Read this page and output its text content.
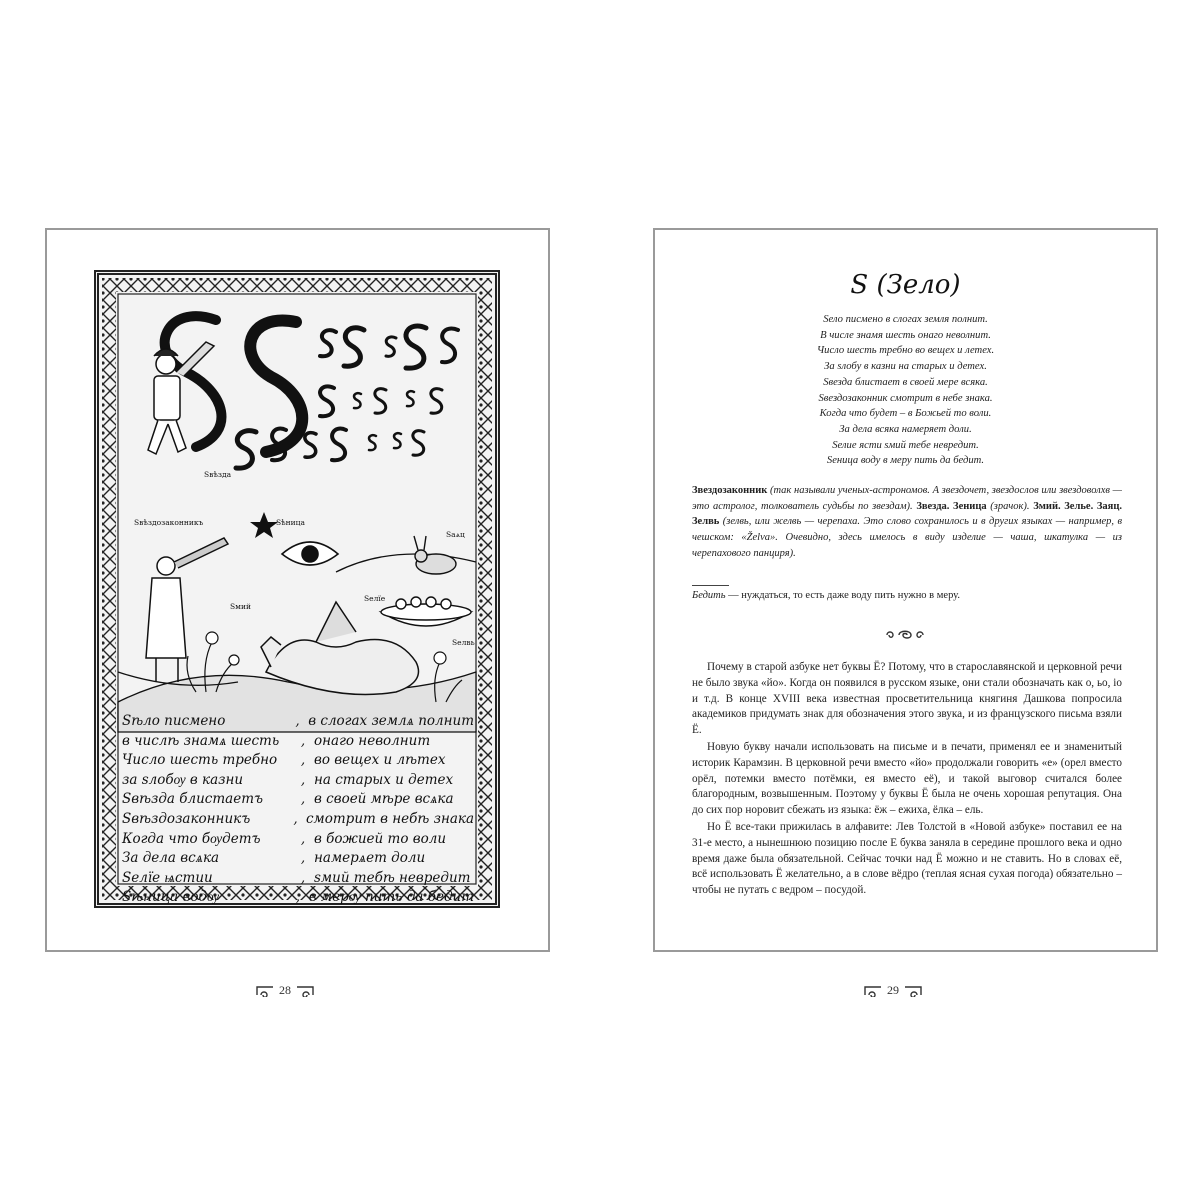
Ѕвѣзда
Ѕвѣздозаконникъ	Ѕѣница
Ѕаѧц
Ѕмий
Ѕелїе
Ѕелвь
Ѕѣло пиcмено	, в cлогах землѧ полнит
в числѣ знамѧ шесть	, онаго неволнит
Число шесть требно	, во вещех и лѣтех
за ѕлобѹ в казни	, на старых и детех
Ѕвѣзда блистаетъ	, в своей мѣре всѧка
Ѕвѣздозаконникъ	, смотрит в небѣ знака
Когда что бѹдетъ	, в божией то воли
За дела всѧка	, намерѧет доли
Ѕелїе ѩстии	, ѕмий тебѣ невредит
Ѕѣница водѹ	, в мерѹ пить да бедит
Ѕ (Зело)
Ѕело писмено в слогах земля полнит.
В числе знамя шесть онаго неволнит.
Число шесть требно во вещех и летех.
За ѕлобу в казни на старых и детех.
Ѕвезда блистает в своей мере всяка.
Ѕвездозаконник смотрит в небе знака.
Когда что будет – в Божьей то воли.
За дела всяка намеряет доли.
Ѕелие ясти ѕмий тебе невредит.
Ѕеница воду в меру пить да бедит.
Звездозаконник (так называли ученых-астрономов. А звездочет, звездослов или звездоволхв — это астролог, толкователь судьбы по звездам). Звезда. Зеница (зрачок). Змий. Зелье. Заяц. Зелвь (зелвь, или желвь — черепаха. Это слово сохранилось и в других языках — например, в чешском: «Želva». Очевидно, здесь имелось в виду изделие — чаша, шкатулка — из черепахового панциря).
Бедить — нуждаться, то есть даже воду пить нужно в меру.

Почему в старой азбуке нет буквы Ё? Потому, что в старославянской и церковной речи не было звука «йо». Когда он появился в русском языке, они стали обозначать как о, ьо, io и т.д. В конце XVIII века известная просветительница княгиня Дашкова попросила академиков придумать знак для обозначения этого звука, и из французского письма взяли Ё.

Новую букву начали использовать на письме и в печати, применял ее и знаменитый историк Карамзин. В церковной речи вместо «йо» продолжали говорить «е» (орел вместо орёл, потемки вместо потёмки, ея вместо её), и такой выговор считался более благородным, возвышенным. Поэтому у буквы Ё была не очень хорошая репутация. Она до сих пор норовит сбежать из языка: ёж – ежиха, ёлка – ель.

Но Ё все-таки прижилась в алфавите: Лев Толстой в «Новой азбуке» поставил ее на 31-е место, а нынешнюю позицию после Е буква заняла в середине прошлого века и одно время даже была обязательной. Сейчас точки над Ё можно и не ставить. Но в словах её, всё использовать Ё желательно, а в слове вёдро (теплая ясная сухая погода) обязательно – чтобы не путать с ведром – посудой.

28	29
